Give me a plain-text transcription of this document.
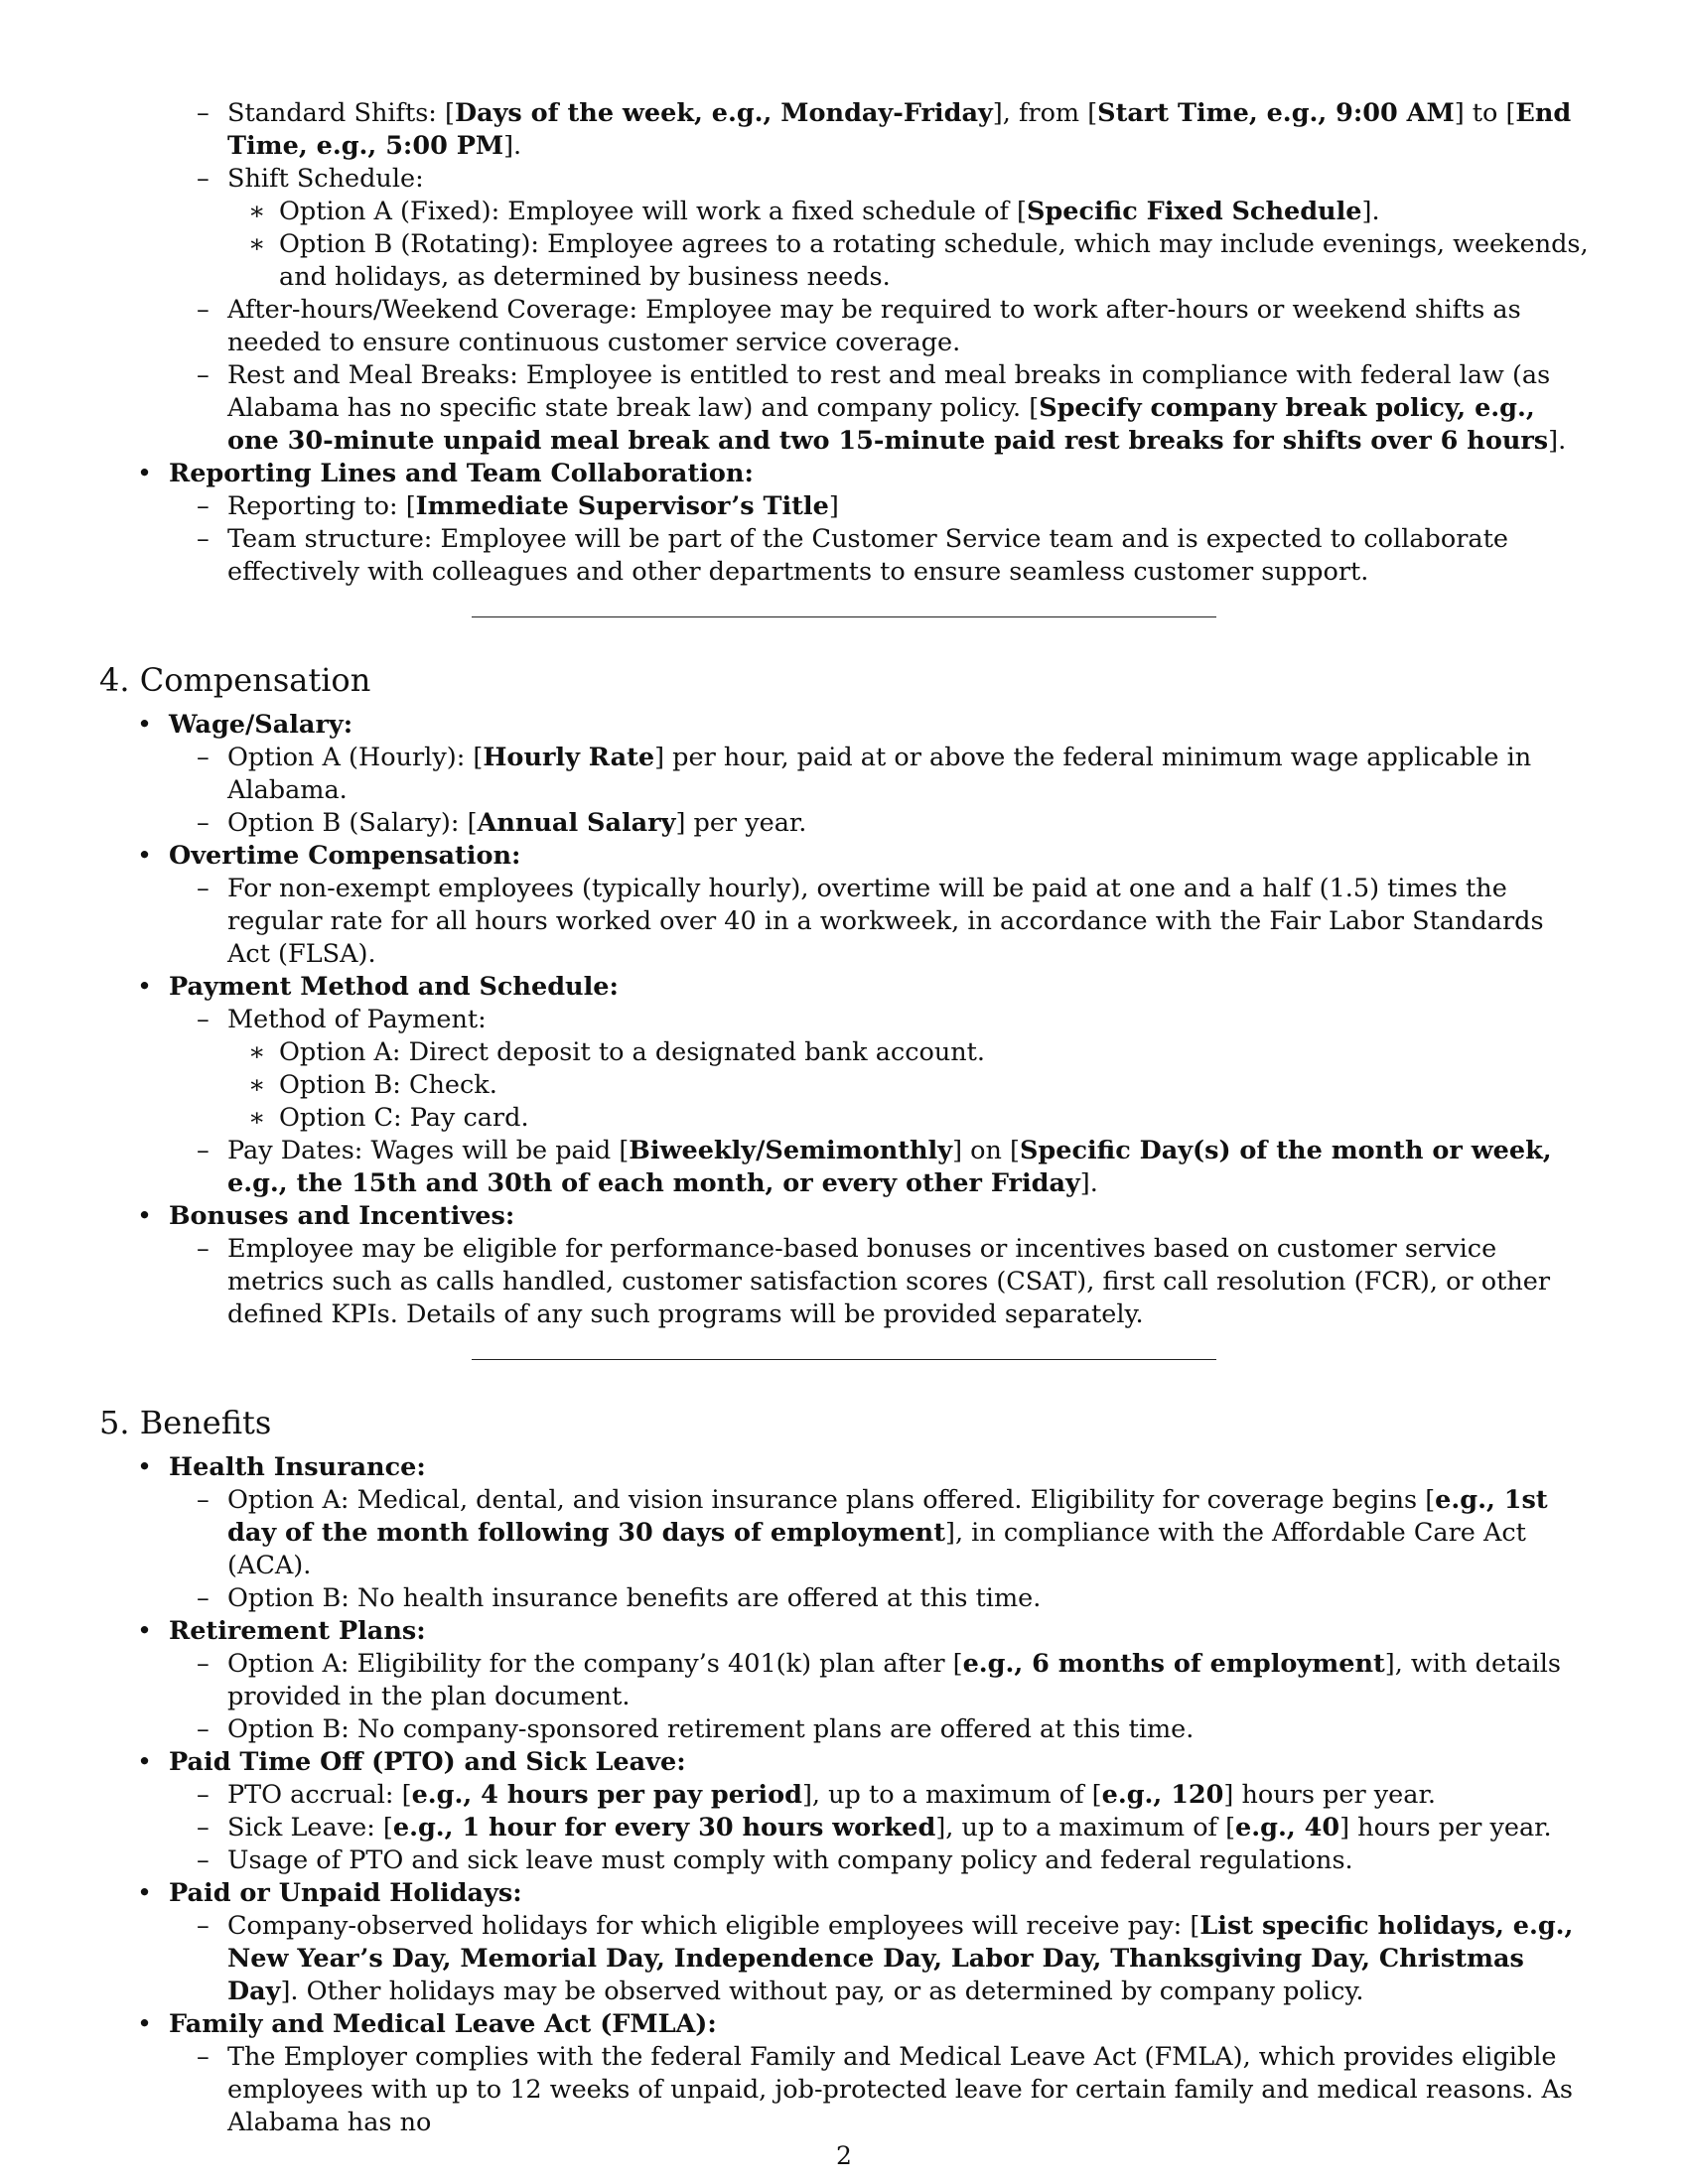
– Standard Shifts: [Days of the week, e.g., Monday-Friday], from [Start Time, e.g., 9:00 AM] to [End Time, e.g., 5:00 PM].
– Shift Schedule:
∗ Option A (Fixed): Employee will work a fixed schedule of [Specific Fixed Schedule].
∗ Option B (Rotating): Employee agrees to a rotating schedule, which may include evenings, weekends, and holidays, as determined by business needs.
– After-hours/Weekend Coverage: Employee may be required to work after-hours or weekend shifts as needed to ensure continuous customer service coverage.
– Rest and Meal Breaks: Employee is entitled to rest and meal breaks in compliance with federal law (as Alabama has no specific state break law) and company policy. [Specify company break policy, e.g., one 30-minute unpaid meal break and two 15-minute paid rest breaks for shifts over 6 hours].
• Reporting Lines and Team Collaboration:
– Reporting to: [Immediate Supervisor’s Title]
– Team structure: Employee will be part of the Customer Service team and is expected to collaborate effectively with colleagues and other departments to ensure seamless customer support.
4. Compensation
• Wage/Salary:
– Option A (Hourly): [Hourly Rate] per hour, paid at or above the federal minimum wage applicable in Alabama.
– Option B (Salary): [Annual Salary] per year.
• Overtime Compensation:
– For non-exempt employees (typically hourly), overtime will be paid at one and a half (1.5) times the regular rate for all hours worked over 40 in a workweek, in accordance with the Fair Labor Standards Act (FLSA).
• Payment Method and Schedule:
– Method of Payment:
∗ Option A: Direct deposit to a designated bank account.
∗ Option B: Check.
∗ Option C: Pay card.
– Pay Dates: Wages will be paid [Biweekly/Semimonthly] on [Specific Day(s) of the month or week, e.g., the 15th and 30th of each month, or every other Friday].
• Bonuses and Incentives:
– Employee may be eligible for performance-based bonuses or incentives based on customer service metrics such as calls handled, customer satisfaction scores (CSAT), first call resolution (FCR), or other defined KPIs. Details of any such programs will be provided separately.
5. Benefits
• Health Insurance:
– Option A: Medical, dental, and vision insurance plans offered. Eligibility for coverage begins [e.g., 1st day of the month following 30 days of employment], in compliance with the Affordable Care Act (ACA).
– Option B: No health insurance benefits are offered at this time.
• Retirement Plans:
– Option A: Eligibility for the company’s 401(k) plan after [e.g., 6 months of employment], with details provided in the plan document.
– Option B: No company-sponsored retirement plans are offered at this time.
• Paid Time Off (PTO) and Sick Leave:
– PTO accrual: [e.g., 4 hours per pay period], up to a maximum of [e.g., 120] hours per year.
– Sick Leave: [e.g., 1 hour for every 30 hours worked], up to a maximum of [e.g., 40] hours per year.
– Usage of PTO and sick leave must comply with company policy and federal regulations.
• Paid or Unpaid Holidays:
– Company-observed holidays for which eligible employees will receive pay: [List specific holidays, e.g., New Year’s Day, Memorial Day, Independence Day, Labor Day, Thanksgiving Day, Christmas Day]. Other holidays may be observed without pay, or as determined by company policy.
• Family and Medical Leave Act (FMLA):
– The Employer complies with the federal Family and Medical Leave Act (FMLA), which provides eligible employees with up to 12 weeks of unpaid, job-protected leave for certain family and medical reasons. As Alabama has no
2
